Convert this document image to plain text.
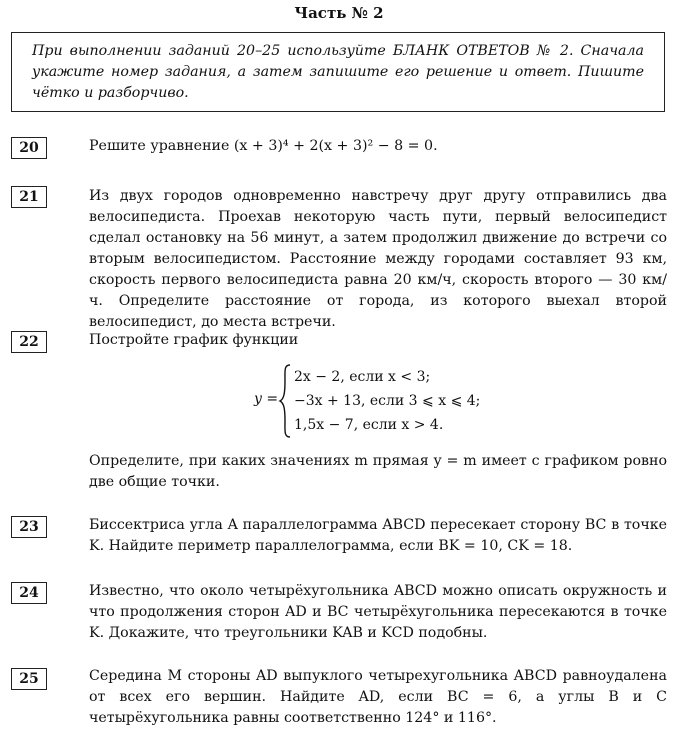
Часть № 2
При выполнении заданий 20–25 используйте БЛАНК ОТВЕТОВ № 2. Сначала укажите номер задания, а затем запишите его решение и ответ. Пишите чётко и разборчиво.
20	Решите уравнение (x + 3)⁴ + 2(x + 3)² − 8 = 0.

21	Из двух городов одновременно навстречу друг другу отправились два велосипедиста. Проехав некоторую часть пути, первый велосипедист сделал остановку на 56 минут, а затем продолжил движение до встречи со вторым велосипедистом. Расстояние между городами составляет 93 км, скорость первого велосипедиста равна 20 км/ч, скорость второго — 30 км/ч. Определите расстояние от города, из которого выехал второй велосипедист, до места встречи.

22	Постройте график функции

y =
2x − 2, если x < 3;
−3x + 13, если 3 ⩽ x ⩽ 4;
1,5x − 7, если x > 4.

Определите, при каких значениях m прямая y = m имеет с графиком ровно две общие точки.

23	Биссектриса угла A параллелограмма ABCD пересекает сторону BC в точке K. Найдите периметр параллелограмма, если BK = 10, CK = 18.

24	Известно, что около четырёхугольника ABCD можно описать окружность и что продолжения сторон AD и BC четырёхугольника пересекаются в точке K. Докажите, что треугольники KAB и KCD подобны.

25	Середина M стороны AD выпуклого четырехугольника ABCD равноудалена от всех его вершин. Найдите AD, если BC = 6, а углы B и C четырёхугольника равны соответственно 124° и 116°.
